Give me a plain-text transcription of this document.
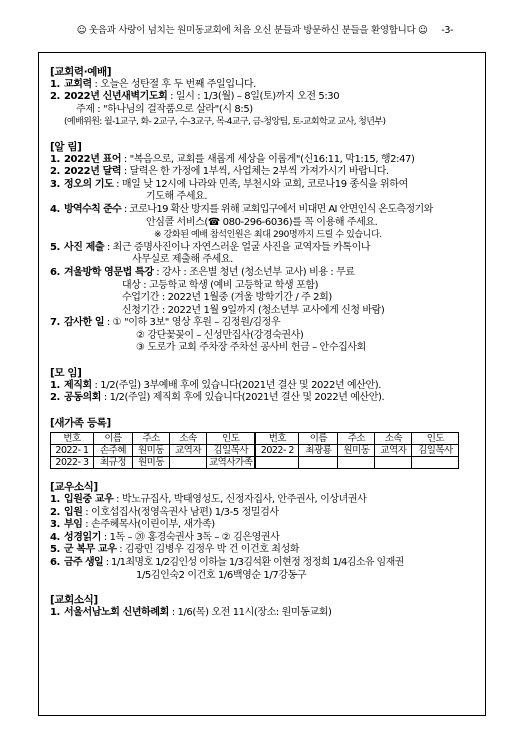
☺ 웃음과 사랑이 넘치는 원미동교회에 처음 오신 분들과 방문하신 분들을 환영합니다 ☺ -3-
[교회력·예배]
1. 교회력 : 오늘은 성탄절 후 두 번째 주일입니다.
2. 2022년 신년새벽기도회 : 일시 : 1/3(월) – 8일(토)까지 오전 5:30
주제 : "하나님의 걸작품으로 살라"(시 8:5)
(예배위원: 월-1교구, 화- 2교구, 수-3교구, 목-4교구, 금-청앙팀, 토-교회학교 교사, 청년부)
[알 림]
1. 2022년 표어 : "복음으로, 교회를 새롭게 세상을 이롭게"(신16:11, 막1:15, 행2:47)
2. 2022년 달력 : 달력은 한 가정에 1부씩, 사업체는 2부씩 가져가시기 바랍니다.
3. 정오의 기도 : 매일 낮 12시에 나라와 민족, 부천시와 교회, 코로나19 종식을 위하여
기도해 주세요.
4. 방역수칙 준수 : 코로나19 확산 방지를 위해 교회입구에서 비대면 AI 안면인식 온도측정기와
안심콜 서비스(☎ 080-296-6036)를 꼭 이용해 주세요.
※ 강화된 예배 참석인원은 최대 290명까지 드릴 수 있습니다.
5. 사진 제출 : 최근 증명사진이나 자연스러운 얼굴 사진을 교역자들 카톡이나
사무실로 제출해 주세요.
6. 겨울방학 영문법 특강 : 강사 : 조은별 청년 (청소년부 교사) 비용 : 무료
대상 : 고등학교 학생 (예비 고등학교 학생 포함)
수업기간 : 2022년 1월중 (겨울 방학기간 / 주 2회)
신청기간 : 2022년 1월 9일까지 (청소년부 교사에게 신청 바람)
7. 감사한 일 : ① "이하 3보" 영상 후원 – 김정원/김정우
② 강단꽃꽂이 – 신성만집사(강경숙권사)
③ 도로가 교회 주차장 주차선 공사비 헌금 – 안수집사회
[모 임]
1. 제직회 : 1/2(주일) 3부예배 후에 있습니다(2021년 결산 및 2022년 예산안).
2. 공동의회 : 1/2(주일) 제직회 후에 있습니다(2021년 결산 및 2022년 예산안).
[새가족 등록]
번호	이름	주소	소속	인도	번호	이름	주소	소속	인도
2022- 1	손주혜	원미동	교역자	김일목사	2022- 2	최광룡	원미동	교역자	김일목사
2022- 3	최규정	원미동		교역사가족					
[교우소식]
1. 입원중 교우 : 박노규집사, 박태영성도, 신정자집사, 안주권사, 이상녀권사
2. 입원 : 이호섭집사(정영옥권사 남편) 1/3-5 정밀검사
3. 부임 : 손주혜목사(이린이부, 새가족)
4. 성경읽기 : 1독 – ⑳ 홍경숙권사 3독 – ② 김은영권사
5. 군 복무 교우 : 김광민 김병우 김정우 박 건 이건호 최성화
6. 금주 생일 : 1/1최명호 1/2김인성 이하늘 1/3김석환 이현정 정정희 1/4김소유 임재권
1/5김인숙2 이건호 1/6백영순 1/7강동구
[교회소식]
1. 서울서남노회 신년하례회 : 1/6(목) 오전 11시(장소: 원미동교회)
